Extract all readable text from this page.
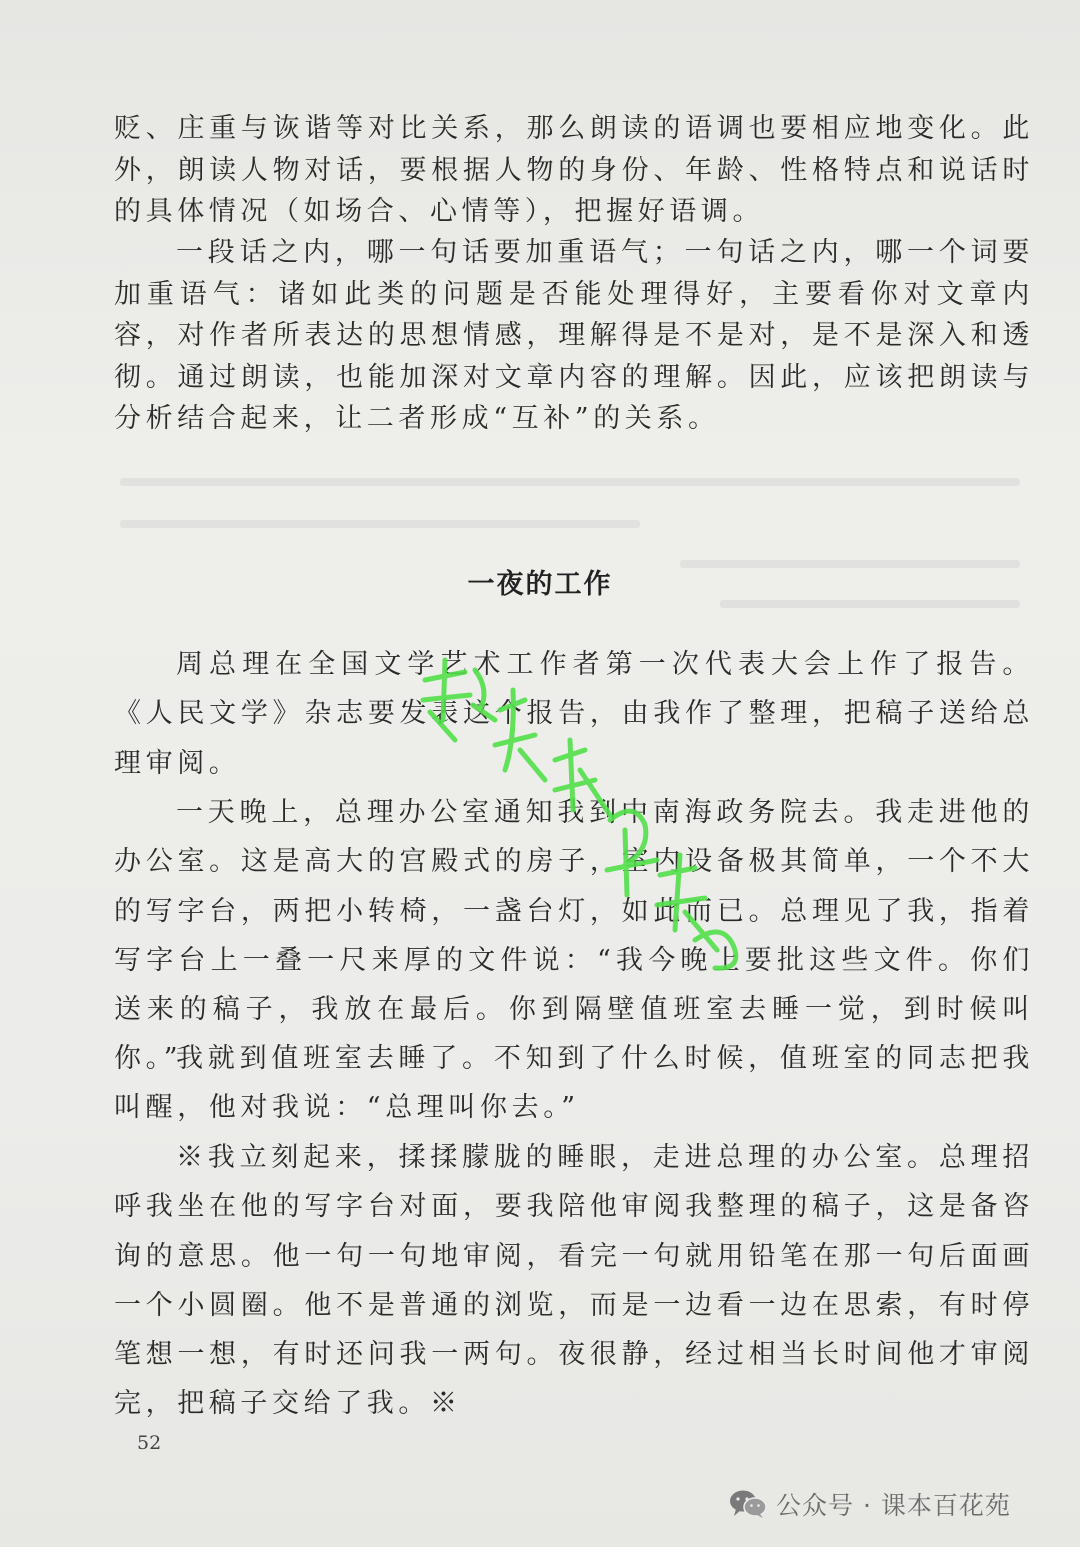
贬、庄重与诙谐等对比关系，那么朗读的语调也要相应地变化。此外，朗读人物对话，要根据人物的身份、年龄、性格特点和说话时的具体情况（如场合、心情等），把握好语调。

一段话之内，哪一句话要加重语气；一句话之内，哪一个词要加重语气：诸如此类的问题是否能处理得好，主要看你对文章内容，对作者所表达的思想情感，理解得是不是对，是不是深入和透彻。通过朗读，也能加深对文章内容的理解。因此，应该把朗读与分析结合起来，让二者形成“互补”的关系。

一夜的工作

周总理在全国文学艺术工作者第一次代表大会上作了报告。《人民文学》杂志要发表这个报告，由我作了整理，把稿子送给总理审阅。

一天晚上，总理办公室通知我到中南海政务院去。我走进他的办公室。这是高大的宫殿式的房子，室内设备极其简单，一个不大的写字台，两把小转椅，一盏台灯，如此而已。总理见了我，指着写字台上一叠一尺来厚的文件说：“我今晚上要批这些文件。你们送来的稿子，我放在最后。你到隔壁值班室去睡一觉，到时候叫你。”

我就到值班室去睡了。不知到了什么时候，值班室的同志把我叫醒，他对我说：“总理叫你去。”

※我立刻起来，揉揉朦胧的睡眼，走进总理的办公室。总理招呼我坐在他的写字台对面，要我陪他审阅我整理的稿子，这是备咨询的意思。他一句一句地审阅，看完一句就用铅笔在那一句后面画一个小圆圈。他不是普通的浏览，而是一边看一边在思索，有时停笔想一想，有时还问我一两句。夜很静，经过相当长时间他才审阅完，把稿子交给了我。※

52
公众号 · 课本百花苑
